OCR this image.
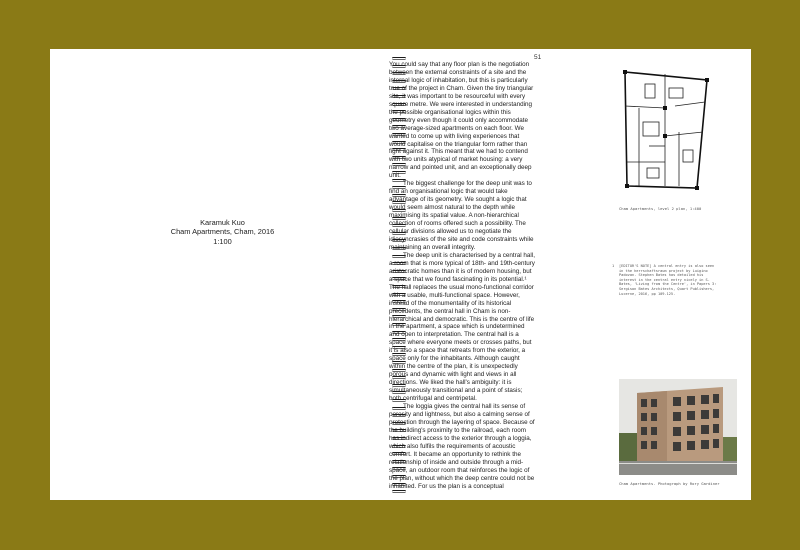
Karamuk Kuo
Cham Apartments, Cham, 2016
1:100
51

You could say that any floor plan is the negotiation between the external constraints of a site and the internal logic of inhabitation, but this is particularly true of the project in Cham. Given the tiny triangular site, it was important to be resourceful with every square metre. We were interested in understanding the possible organisational logics within this geometry even though it could only accommodate two average-sized apartments on each floor. We wanted to come up with living experiences that would capitalise on the triangular form rather than fight against it. This meant that we had to contend with two units atypical of market housing: a very narrow and pointed unit, and an exceptionally deep unit.

The biggest challenge for the deep unit was to find an organisational logic that would take advantage of its geometry. We sought a logic that would seem almost natural to the depth while maximising its spatial value. A non-hierarchical collection of rooms offered such a possibility. The cellular divisions allowed us to negotiate the idiosyncrasies of the site and code constraints while maintaining an overall integrity.

The deep unit is characterised by a central hall, a room that is more typical of 18th- and 19th-century aristocratic homes than it is of modern housing, but a space that we found fascinating in its potential.¹ The hall replaces the usual mono-functional corridor with a usable, multi-functional space. However, instead of the monumentality of its historical precedents, the central hall in Cham is non-hierarchical and democratic. This is the centre of life in the apartment, a space which is undetermined and open to interpretation. The central hall is a space where everyone meets or crosses paths, but it is also a space that retreats from the exterior, a space only for the inhabitants. Although caught within the centre of the plan, it is unexpectedly porous and dynamic with light and views in all directions. We liked the hall's ambiguity: it is simultaneously transitional and a point of stasis; both centrifugal and centripetal.

The loggia gives the central hall its sense of porosity and lightness, but also a calming sense of protection through the layering of space. Because of the building's proximity to the railroad, each room has indirect access to the exterior through a loggia, which also fulfils the requirements of acoustic comfort. It became an opportunity to rethink the relationship of inside and outside through a mid-space, an outdoor room that reinforces the logic of the plan, without which the deep centre could not be inhabited. For us the plan is a conceptual

Cham Apartments, level 2 plan, 1:400
1 [EDITOR'S NOTE] A central entry is also seen in the herrschaftsraum project by Luigino Padovan. Stephen Bates has detailed his interest in the central entry nicely in S. Bates, 'Living from the Centre', in Papers 3: Sergison Bates Architects, Quart Publishers, Lucerne, 2016, pp 109-125.
Cham Apartments. Photograph by Rory Gardiner
